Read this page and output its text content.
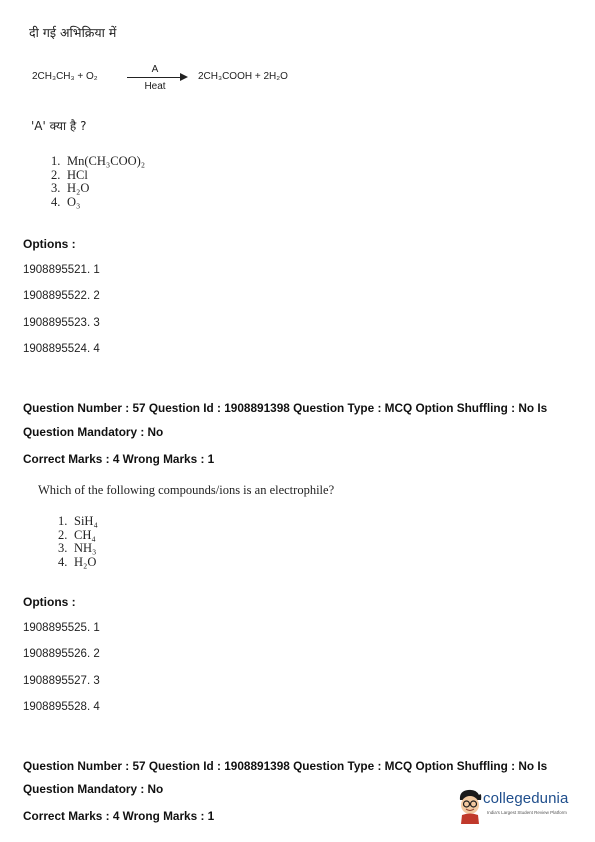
दी गई अभिक्रिया में
2CH₃CH₃ + O₂
A
Heat
2CH₃COOH + 2H₂O
'A' क्या है ?
1. Mn(CH₃COO)₂
2. HCl
3. H₂O
4. O₃
Options :
1908895521. 1
1908895522. 2
1908895523. 3
1908895524. 4
Question Number : 57 Question Id : 1908891398 Question Type : MCQ Option Shuffling : No Is
Question Mandatory : No
Correct Marks : 4 Wrong Marks : 1
Which of the following compounds/ions is an electrophile?
1. SiH₄
2. CH₄
3. NH₃
4. H₂O
Options :
1908895525. 1
1908895526. 2
1908895527. 3
1908895528. 4
Question Number : 57 Question Id : 1908891398 Question Type : MCQ Option Shuffling : No Is
Question Mandatory : No
Correct Marks : 4 Wrong Marks : 1
collegedunia
India's Largest Student Review Platform
